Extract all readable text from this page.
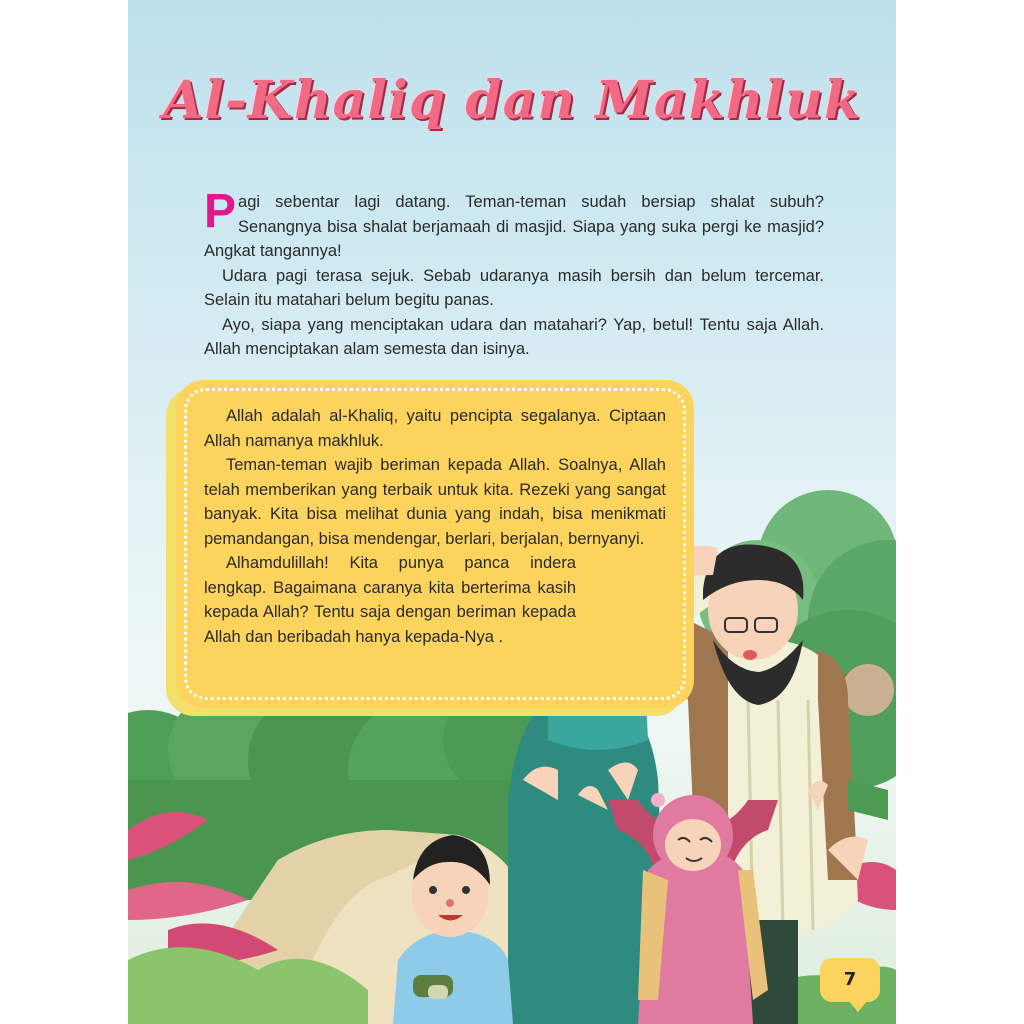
Al-Khaliq dan Makhluk

Pagi sebentar lagi datang. Teman-teman sudah bersiap shalat subuh? Senangnya bisa shalat berjamaah di masjid. Siapa yang suka pergi ke masjid? Angkat tangannya!

Udara pagi terasa sejuk. Sebab udaranya masih bersih dan belum tercemar. Selain itu matahari belum begitu panas.

Ayo, siapa yang menciptakan udara dan matahari? Yap, betul! Tentu saja Allah. Allah menciptakan alam semesta dan isinya.

Allah adalah al-Khaliq, yaitu pencipta segalanya. Ciptaan Allah namanya makhluk.

Teman-teman wajib beriman kepada Allah. Soalnya, Allah telah memberikan yang terbaik untuk kita. Rezeki yang sangat banyak. Kita bisa melihat dunia yang indah, bisa menikmati pemandangan, bisa mendengar, berlari, berjalan, bernyanyi.

Alhamdulillah! Kita punya panca indera lengkap. Bagaimana caranya kita berterima kasih kepada Allah? Tentu saja dengan beriman kepada Allah dan beribadah hanya kepada-Nya .

7
